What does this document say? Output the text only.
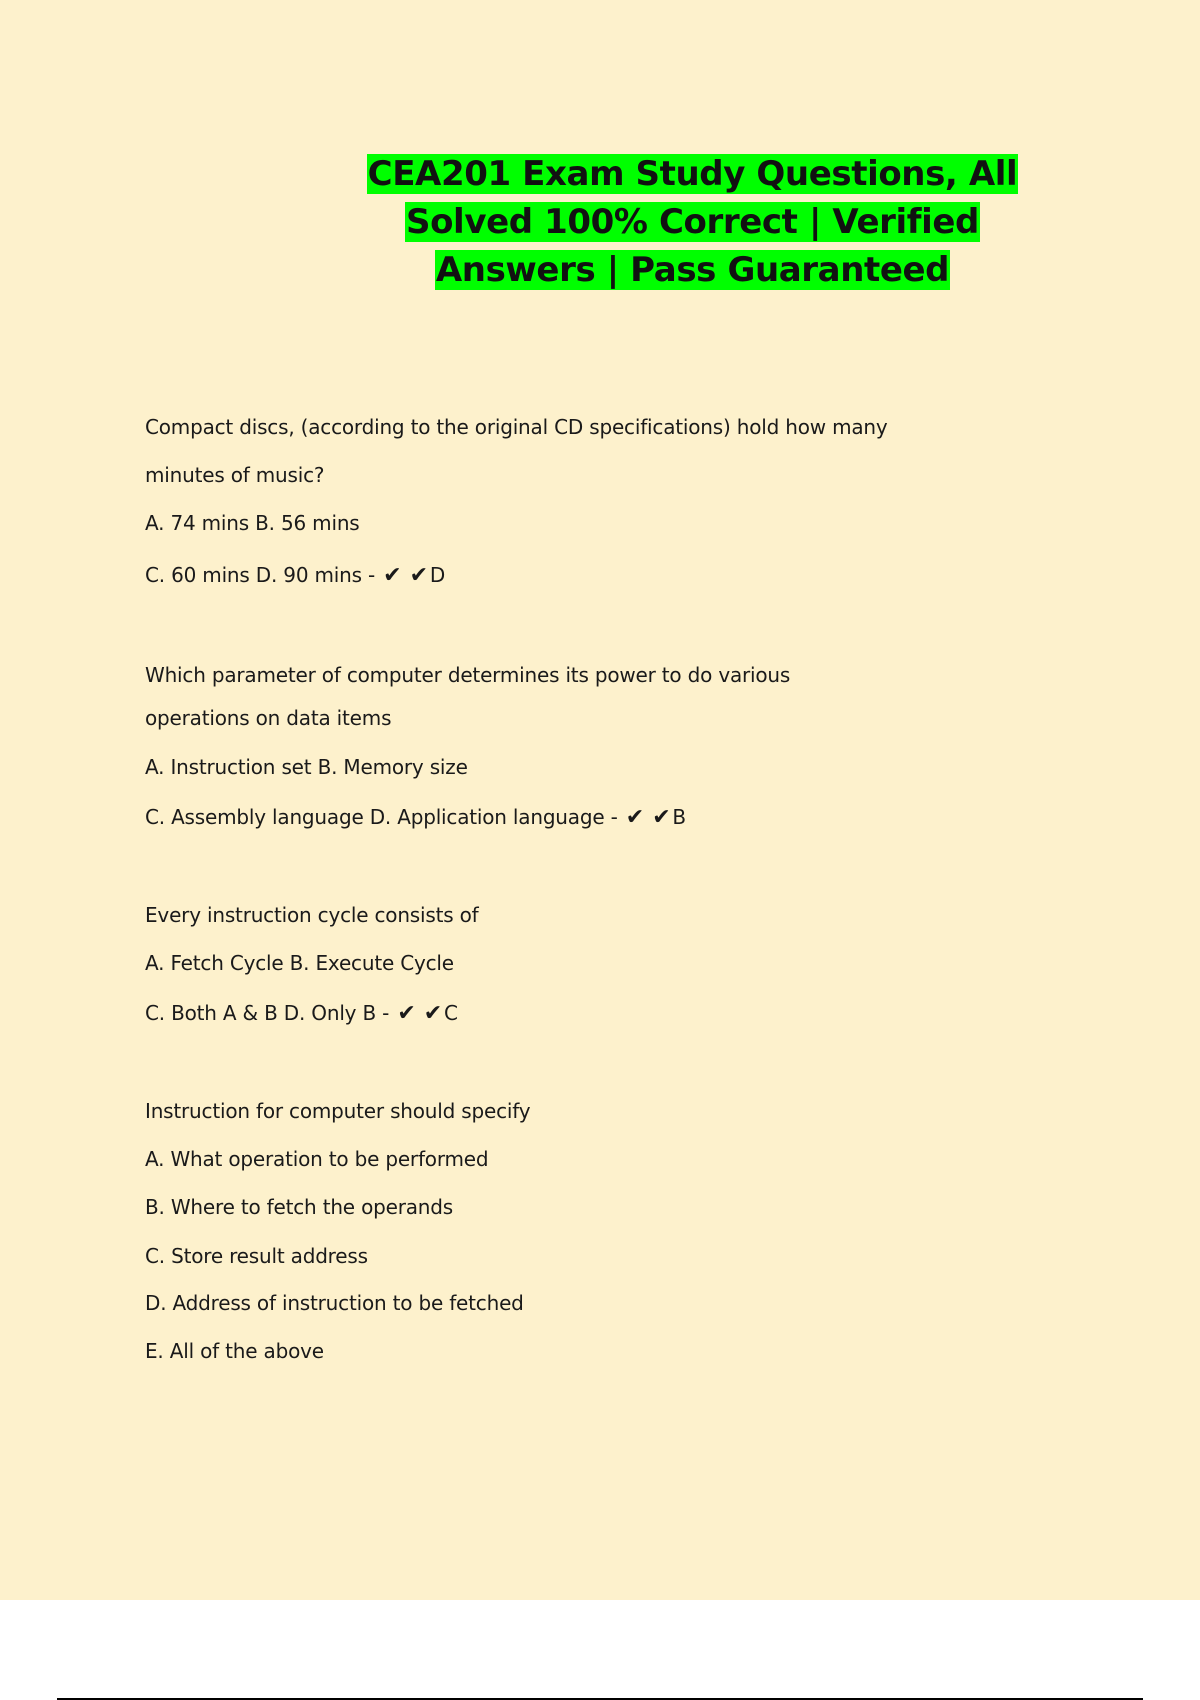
CEA201 Exam Study Questions, All Solved 100% Correct | Verified Answers | Pass Guaranteed
Compact discs, (according to the original CD specifications) hold how many
minutes of music?
A. 74 mins B. 56 mins
C. 60 mins D. 90 mins - ✔ ✔ D
Which parameter of computer determines its power to do various
operations on data items
A. Instruction set B. Memory size
C. Assembly language D. Application language - ✔ ✔ B
Every instruction cycle consists of
A. Fetch Cycle B. Execute Cycle
C. Both A & B D. Only B - ✔ ✔ C
Instruction for computer should specify
A. What operation to be performed
B. Where to fetch the operands
C. Store result address
D. Address of instruction to be fetched
E. All of the above
